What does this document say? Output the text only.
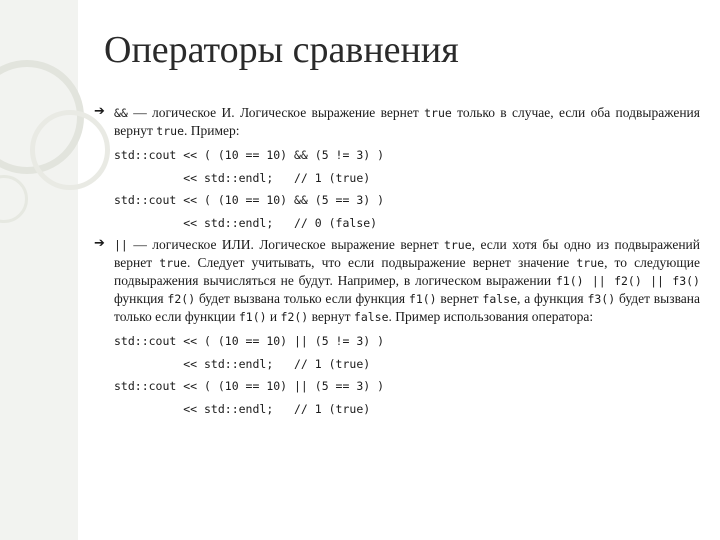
Операторы сравнения
➔ && — логическое И. Логическое выражение вернет true только в случае, если оба подвыражения вернут true. Пример:
std::cout << ( (10 == 10) && (5 != 3) )
<< std::endl;   // 1 (true)
std::cout << ( (10 == 10) && (5 == 3) )
<< std::endl;   // 0 (false)
➔ || — логическое ИЛИ. Логическое выражение вернет true, если хотя бы одно из подвыражений вернет true. Следует учитывать, что если подвыражение вернет значение true, то следующие подвыражения вычисляться не будут. Например, в логическом выражении f1() || f2() || f3() функция f2() будет вызвана только если функция f1() вернет false, а функция f3() будет вызвана только если функции f1() и f2() вернут false. Пример использования оператора:
std::cout << ( (10 == 10) || (5 != 3) )
<< std::endl;   // 1 (true)
std::cout << ( (10 == 10) || (5 == 3) )
<< std::endl;   // 1 (true)
